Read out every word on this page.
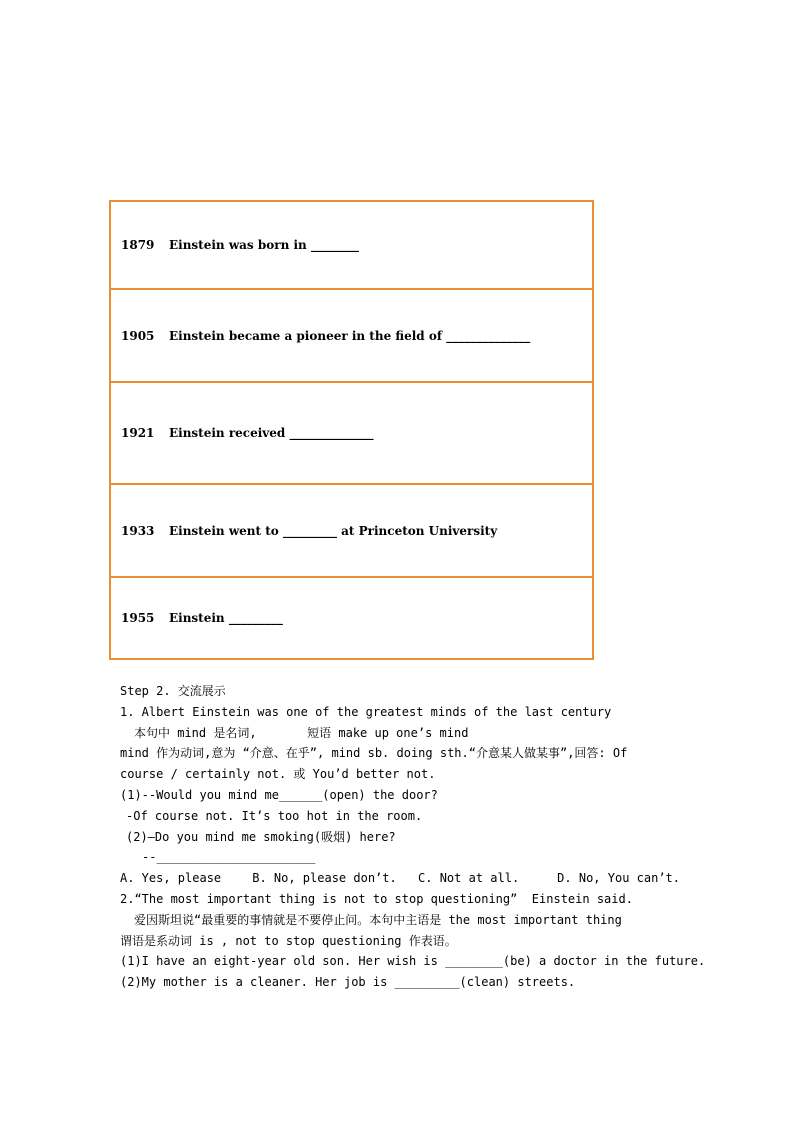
1879	Einstein was born in ________
1905	Einstein became a pioneer in the field of ______________
1921	Einstein received ______________
1933	Einstein went to _________ at Princeton University
1955	Einstein _________
Step 2. 交流展示
1. Albert Einstein was one of the greatest minds of the last century
本句中 mind 是名词,       短语 make up one’s mind
mind 作为动词,意为 “介意、在乎”, mind sb. doing sth.“介意某人做某事”,回答: Of
course / certainly not. 或 You’d better not.
(1)--Would you mind me______(open) the door?
-Of course not. It’s too hot in the room.
(2)—Do you mind me smoking(吸烟) here?
--______________________
A. Yes, please	B. No, please don’t.	C. Not at all.	D. No, You can’t.
2.“The most important thing is not to stop questioning”  Einstein said.
爱因斯坦说“最重要的事情就是不要停止问。本句中主语是 the most important thing
谓语是系动词 is , not to stop questioning 作表语。
(1)I have an eight-year old son. Her wish is ________(be) a doctor in the future.
(2)My mother is a cleaner. Her job is _________(clean) streets.
